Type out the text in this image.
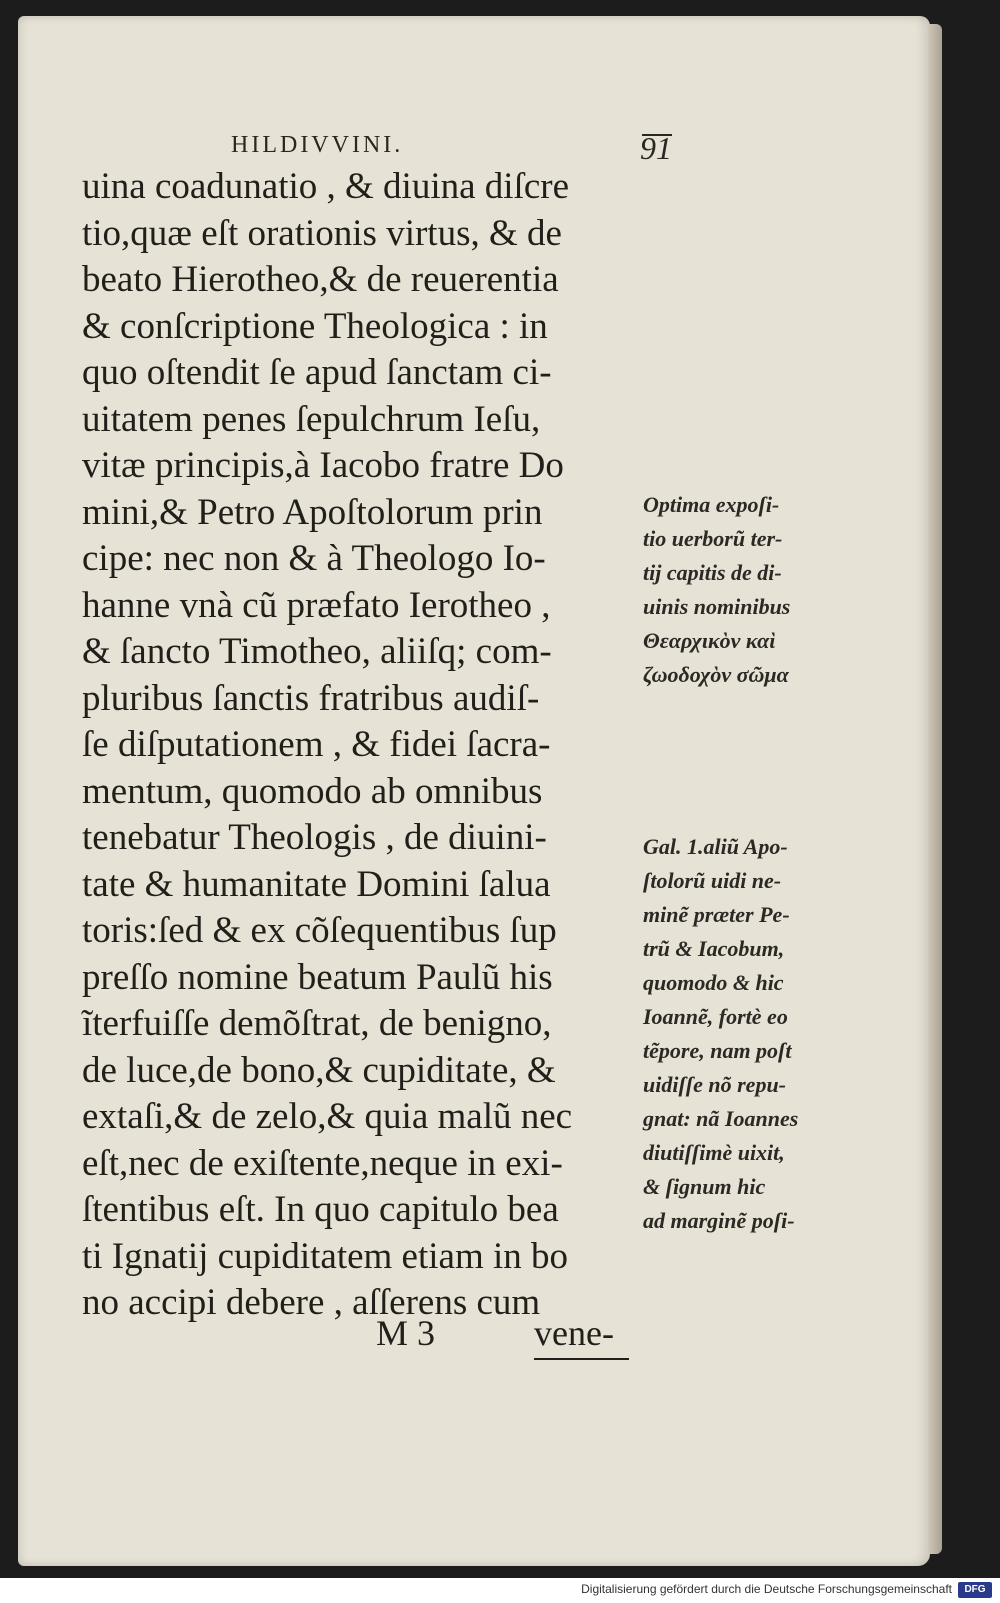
HILDIVVINI.	91
uina coadunatio , & diuina diſcre
tio,quæ eſt orationis virtus, & de
beato Hierotheo,& de reuerentia
& conſcriptione Theologica : in
quo oſtendit ſe apud ſanctam ci-
uitatem penes ſepulchrum Ieſu,
vitæ principis,à Iacobo fratre Do
mini,& Petro Apoſtolorum prin
cipe: nec non & à Theologo Io-
hanne vnà cũ præfato Ierotheo ,
& ſancto Timotheo, aliiſq; com-
pluribus ſanctis fratribus audiſ-
ſe diſputationem , & fidei ſacra-
mentum, quomodo ab omnibus
tenebatur Theologis , de diuini-
tate & humanitate Domini ſalua
toris:ſed & ex cõſequentibus ſup
preſſo nomine beatum Paulũ his
ĩterfuiſſe demõſtrat, de benigno,
de luce,de bono,& cupiditate, &
extaſi,& de zelo,& quia malũ nec
eſt,nec de exiſtente,neque in exi-
ſtentibus eſt. In quo capitulo bea
ti Ignatij cupiditatem etiam in bo
no accipi debere , aſſerens cum
Optima expoſi-
tio uerborũ ter-
tij capitis de di-
uinis nominibus
Θεαρχικὸν καὶ
ζωοδοχὸν σῶμα
Gal. 1.aliũ Apo-
ſtolorũ uidi ne-
minẽ præter Pe-
trũ & Iacobum,
quomodo & hic
Ioannẽ, fortè eo
tẽpore, nam poſt
uidiſſe nõ repu-
gnat: nã Ioannes
diutiſſimè uixit,
& ſignum hic
ad marginẽ poſi-
M 3	vene-
Digitalisierung gefördert durch die Deutsche Forschungsgemeinschaft	DFG
